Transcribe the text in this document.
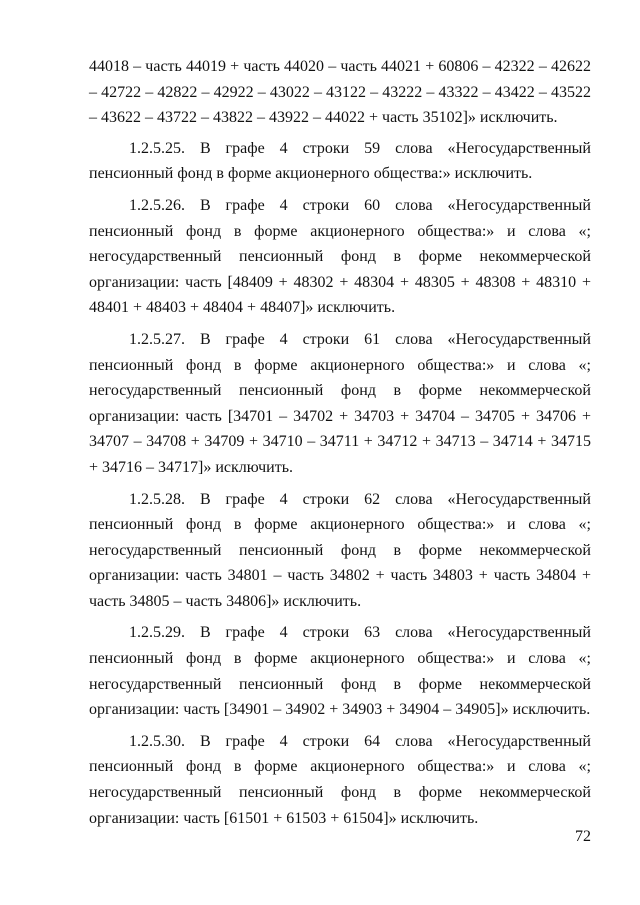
44018 – часть 44019 + часть 44020 – часть 44021 + 60806 – 42322 – 42622 – 42722 – 42822 – 42922 – 43022 – 43122 – 43222 – 43322 – 43422 – 43522 – 43622 – 43722 – 43822 – 43922 – 44022 + часть 35102]» исключить.

1.2.5.25. В графе 4 строки 59 слова «Негосударственный пенсионный фонд в форме акционерного общества:» исключить.

1.2.5.26. В графе 4 строки 60 слова «Негосударственный пенсионный фонд в форме акционерного общества:» и слова «; негосударственный пенсионный фонд в форме некоммерческой организации: часть [48409 + 48302 + 48304 + 48305 + 48308 + 48310 + 48401 + 48403 + 48404 + 48407]» исключить.

1.2.5.27. В графе 4 строки 61 слова «Негосударственный пенсионный фонд в форме акционерного общества:» и слова «; негосударственный пенсионный фонд в форме некоммерческой организации: часть [34701 – 34702 + 34703 + 34704 – 34705 + 34706 + 34707 – 34708 + 34709 + 34710 – 34711 + 34712 + 34713 – 34714 + 34715 + 34716 – 34717]» исключить.

1.2.5.28. В графе 4 строки 62 слова «Негосударственный пенсионный фонд в форме акционерного общества:» и слова «; негосударственный пенсионный фонд в форме некоммерческой организации: часть 34801 – часть 34802 + часть 34803 + часть 34804 + часть 34805 – часть 34806]» исключить.

1.2.5.29. В графе 4 строки 63 слова «Негосударственный пенсионный фонд в форме акционерного общества:» и слова «; негосударственный пенсионный фонд в форме некоммерческой организации: часть [34901 – 34902 + 34903 + 34904 – 34905]» исключить.

1.2.5.30. В графе 4 строки 64 слова «Негосударственный пенсионный фонд в форме акционерного общества:» и слова «; негосударственный пенсионный фонд в форме некоммерческой организации: часть [61501 + 61503 + 61504]» исключить.

72
